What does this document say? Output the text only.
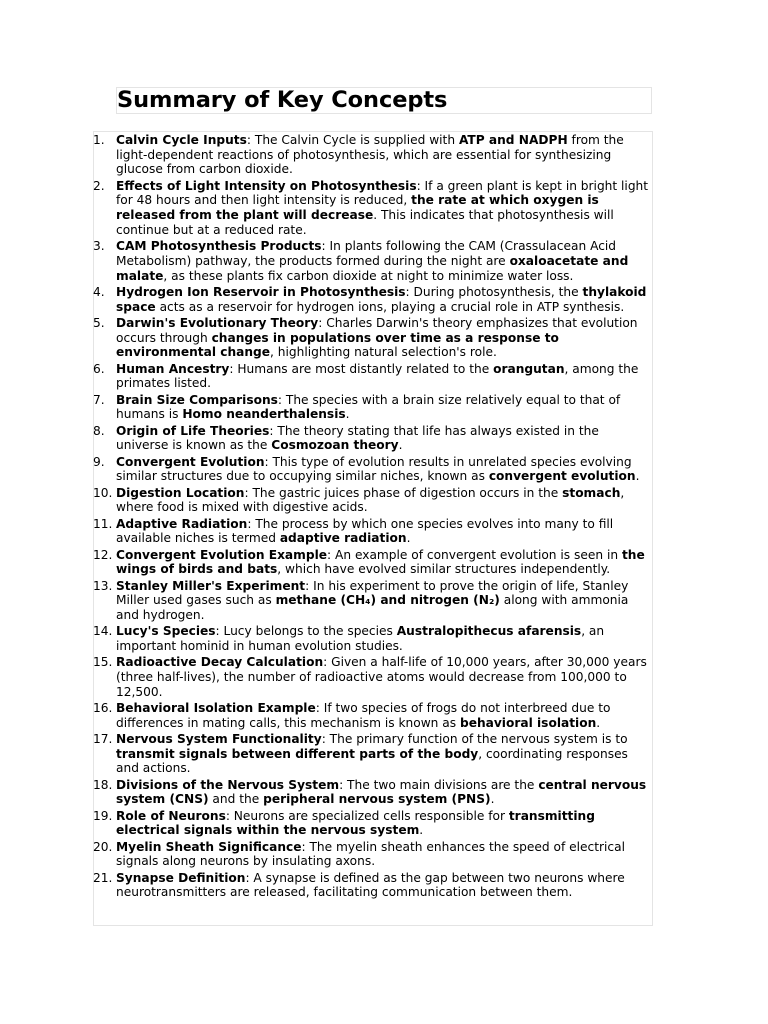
Summary of Key Concepts
1. Calvin Cycle Inputs: The Calvin Cycle is supplied with ATP and NADPH from the light-dependent reactions of photosynthesis, which are essential for synthesizing glucose from carbon dioxide.
2. Effects of Light Intensity on Photosynthesis: If a green plant is kept in bright light for 48 hours and then light intensity is reduced, the rate at which oxygen is released from the plant will decrease. This indicates that photosynthesis will continue but at a reduced rate.
3. CAM Photosynthesis Products: In plants following the CAM (Crassulacean Acid Metabolism) pathway, the products formed during the night are oxaloacetate and malate, as these plants fix carbon dioxide at night to minimize water loss.
4. Hydrogen Ion Reservoir in Photosynthesis: During photosynthesis, the thylakoid space acts as a reservoir for hydrogen ions, playing a crucial role in ATP synthesis.
5. Darwin's Evolutionary Theory: Charles Darwin's theory emphasizes that evolution occurs through changes in populations over time as a response to environmental change, highlighting natural selection's role.
6. Human Ancestry: Humans are most distantly related to the orangutan, among the primates listed.
7. Brain Size Comparisons: The species with a brain size relatively equal to that of humans is Homo neanderthalensis.
8. Origin of Life Theories: The theory stating that life has always existed in the universe is known as the Cosmozoan theory.
9. Convergent Evolution: This type of evolution results in unrelated species evolving similar structures due to occupying similar niches, known as convergent evolution.
10. Digestion Location: The gastric juices phase of digestion occurs in the stomach, where food is mixed with digestive acids.
11. Adaptive Radiation: The process by which one species evolves into many to fill available niches is termed adaptive radiation.
12. Convergent Evolution Example: An example of convergent evolution is seen in the wings of birds and bats, which have evolved similar structures independently.
13. Stanley Miller's Experiment: In his experiment to prove the origin of life, Stanley Miller used gases such as methane (CH₄) and nitrogen (N₂) along with ammonia and hydrogen.
14. Lucy's Species: Lucy belongs to the species Australopithecus afarensis, an important hominid in human evolution studies.
15. Radioactive Decay Calculation: Given a half-life of 10,000 years, after 30,000 years (three half-lives), the number of radioactive atoms would decrease from 100,000 to 12,500.
16. Behavioral Isolation Example: If two species of frogs do not interbreed due to differences in mating calls, this mechanism is known as behavioral isolation.
17. Nervous System Functionality: The primary function of the nervous system is to transmit signals between different parts of the body, coordinating responses and actions.
18. Divisions of the Nervous System: The two main divisions are the central nervous system (CNS) and the peripheral nervous system (PNS).
19. Role of Neurons: Neurons are specialized cells responsible for transmitting electrical signals within the nervous system.
20. Myelin Sheath Significance: The myelin sheath enhances the speed of electrical signals along neurons by insulating axons.
21. Synapse Definition: A synapse is defined as the gap between two neurons where neurotransmitters are released, facilitating communication between them.
